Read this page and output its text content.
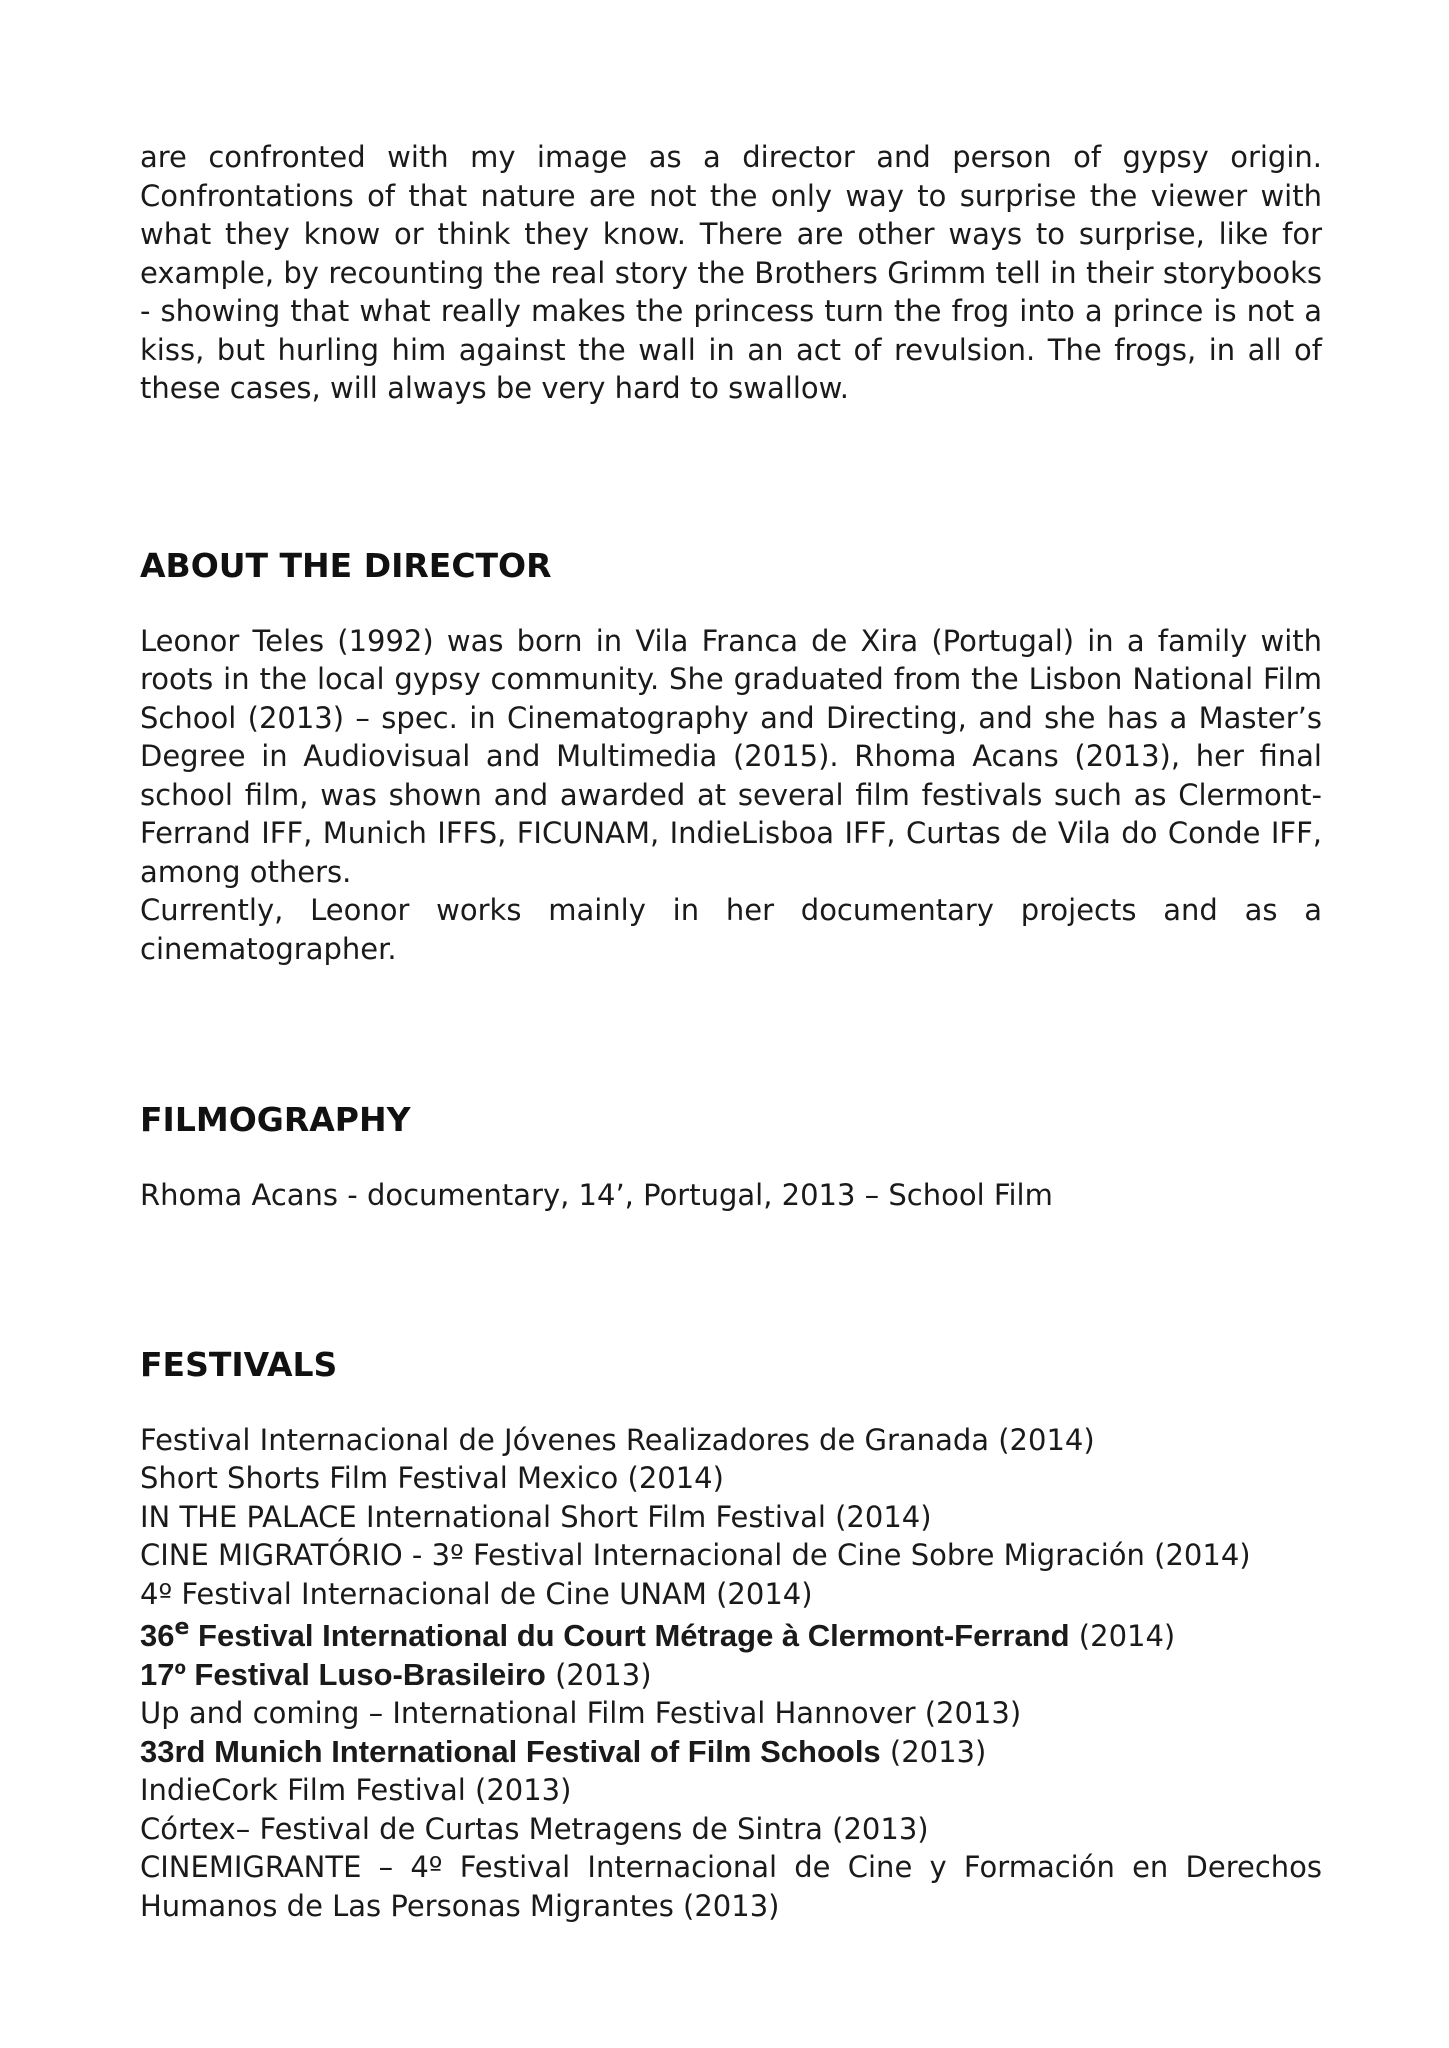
are confronted with my image as a director and person of gypsy origin. Confrontations of that nature are not the only way to surprise the viewer with what they know or think they know. There are other ways to surprise, like for example, by recounting the real story the Brothers Grimm tell in their storybooks - showing that what really makes the princess turn the frog into a prince is not a kiss, but hurling him against the wall in an act of revulsion. The frogs, in all of these cases, will always be very hard to swallow.

ABOUT THE DIRECTOR

Leonor Teles (1992) was born in Vila Franca de Xira (Portugal) in a family with roots in the local gypsy community. She graduated from the Lisbon National Film School (2013) – spec. in Cinematography and Directing, and she has a Master’s Degree in Audiovisual and Multimedia (2015). Rhoma Acans (2013), her final school film, was shown and awarded at several film festivals such as Clermont-Ferrand IFF, Munich IFFS, FICUNAM, IndieLisboa IFF, Curtas de Vila do Conde IFF, among others.

Currently, Leonor works mainly in her documentary projects and as a cinematographer.

FILMOGRAPHY

Rhoma Acans - documentary, 14’, Portugal, 2013 – School Film

FESTIVALS
Festival Internacional de Jóvenes Realizadores de Granada (2014)
Short Shorts Film Festival Mexico (2014)
IN THE PALACE International Short Film Festival (2014)
CINE MIGRATÓRIO - 3º Festival Internacional de Cine Sobre Migración (2014)
4º Festival Internacional de Cine UNAM (2014)
36e Festival International du Court Métrage à Clermont-Ferrand (2014)
17º Festival Luso-Brasileiro (2013)
Up and coming – International Film Festival Hannover (2013)
33rd Munich International Festival of Film Schools (2013)
IndieCork Film Festival (2013)
Córtex– Festival de Curtas Metragens de Sintra (2013)
CINEMIGRANTE – 4º Festival Internacional de Cine y Formación en Derechos Humanos de Las Personas Migrantes (2013)
